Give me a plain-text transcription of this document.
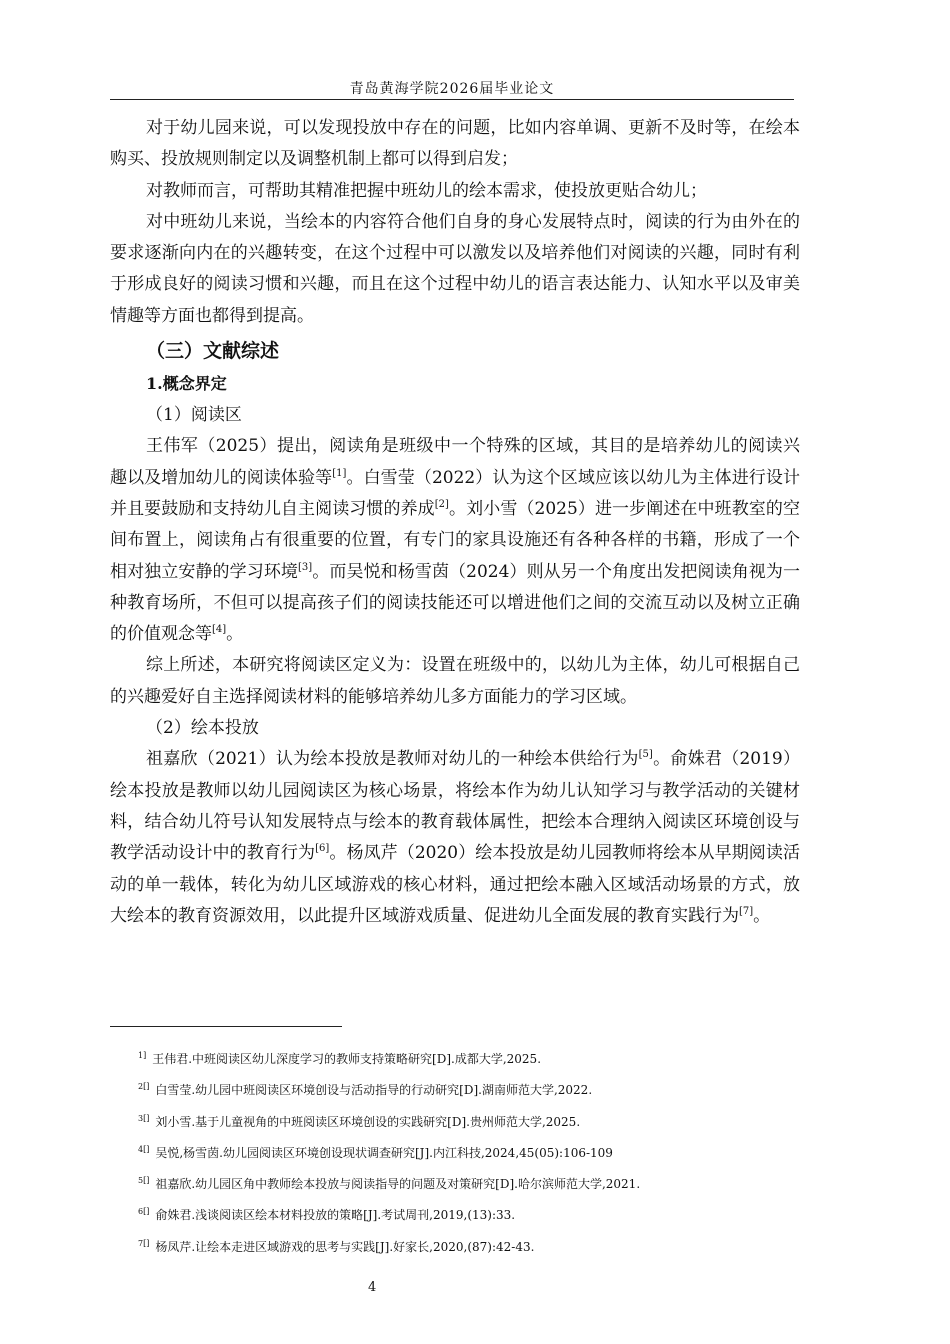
青岛黄海学院2026届毕业论文

对于幼儿园来说，可以发现投放中存在的问题，比如内容单调、更新不及时等，在绘本购买、投放规则制定以及调整机制上都可以得到启发；

对教师而言，可帮助其精准把握中班幼儿的绘本需求，使投放更贴合幼儿；

对中班幼儿来说，当绘本的内容符合他们自身的身心发展特点时，阅读的行为由外在的要求逐渐向内在的兴趣转变，在这个过程中可以激发以及培养他们对阅读的兴趣，同时有利于形成良好的阅读习惯和兴趣，而且在这个过程中幼儿的语言表达能力、认知水平以及审美情趣等方面也都得到提高。

（三）文献综述
1.概念界定
（1）阅读区

王伟军（2025）提出，阅读角是班级中一个特殊的区域，其目的是培养幼儿的阅读兴趣以及增加幼儿的阅读体验等[1]。白雪莹（2022）认为这个区域应该以幼儿为主体进行设计并且要鼓励和支持幼儿自主阅读习惯的养成[2]。刘小雪（2025）进一步阐述在中班教室的空间布置上，阅读角占有很重要的位置，有专门的家具设施还有各种各样的书籍，形成了一个相对独立安静的学习环境[3]。而吴悦和杨雪茵（2024）则从另一个角度出发把阅读角视为一种教育场所，不但可以提高孩子们的阅读技能还可以增进他们之间的交流互动以及树立正确的价值观念等[4]。

综上所述，本研究将阅读区定义为：设置在班级中的，以幼儿为主体，幼儿可根据自己的兴趣爱好自主选择阅读材料的能够培养幼儿多方面能力的学习区域。

（2）绘本投放

祖嘉欣（2021）认为绘本投放是教师对幼儿的一种绘本供给行为[5]。俞姝君（2019）绘本投放是教师以幼儿园阅读区为核心场景，将绘本作为幼儿认知学习与教学活动的关键材料，结合幼儿符号认知发展特点与绘本的教育载体属性，把绘本合理纳入阅读区环境创设与教学活动设计中的教育行为[6]。杨凤芹（2020）绘本投放是幼儿园教师将绘本从早期阅读活动的单一载体，转化为幼儿区域游戏的核心材料，通过把绘本融入区域活动场景的方式，放大绘本的教育资源效用，以此提升区域游戏质量、促进幼儿全面发展的教育实践行为[7]。

$^{1]}$ 王伟君.中班阅读区幼儿深度学习的教师支持策略研究[D].成都大学,2025.
$^{2[]}$ 白雪莹.幼儿园中班阅读区环境创设与活动指导的行动研究[D].湖南师范大学,2022.
$^{3[]}$ 刘小雪.基于儿童视角的中班阅读区环境创设的实践研究[D].贵州师范大学,2025.
$^{4[]}$ 吴悦,杨雪茵.幼儿园阅读区环境创设现状调查研究[J].内江科技,2024,45(05):106-109
$^{5[]}$ 祖嘉欣.幼儿园区角中教师绘本投放与阅读指导的问题及对策研究[D].哈尔滨师范大学,2021.
$^{6[]}$ 俞姝君.浅谈阅读区绘本材料投放的策略[J].考试周刊,2019,(13):33.
$^{7[]}$ 杨凤芹.让绘本走进区域游戏的思考与实践[J].好家长,2020,(87):42-43.
4
